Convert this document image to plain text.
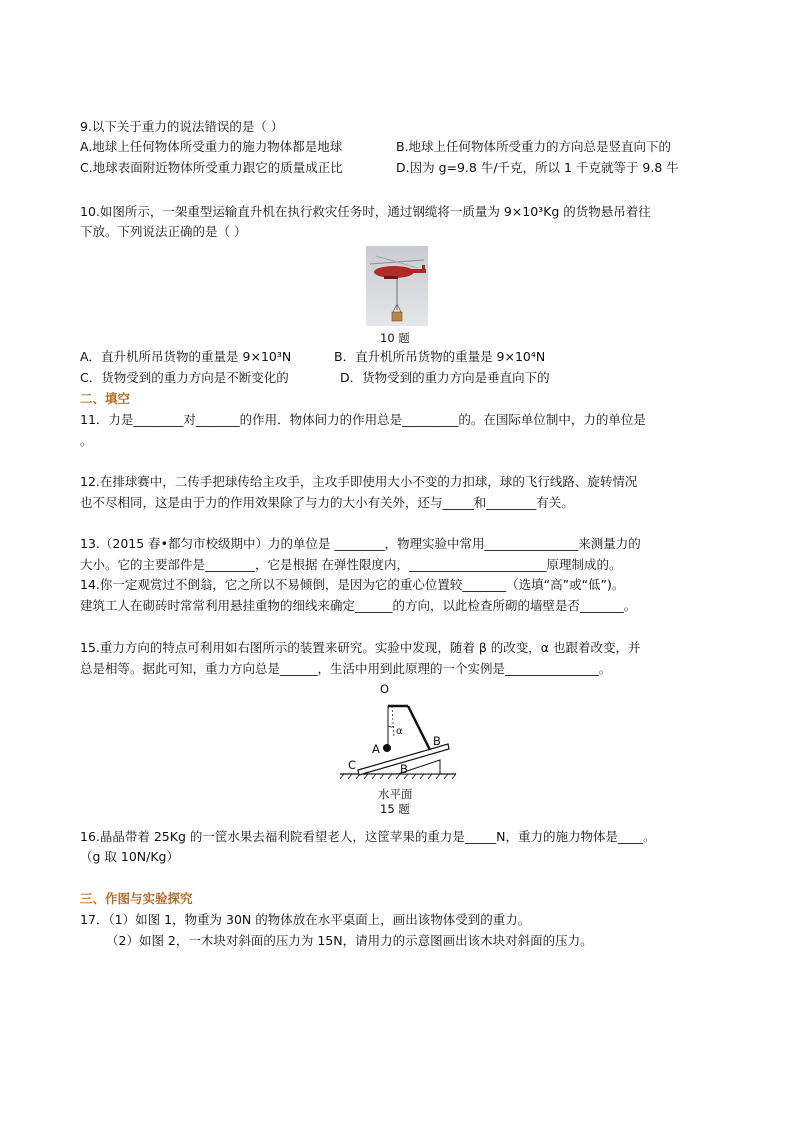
9.以下关于重力的说法错误的是（ ）
A.地球上任何物体所受重力的施力物体都是地球	B.地球上任何物体所受重力的方向总是竖直向下的
C.地球表面附近物体所受重力跟它的质量成正比	D.因为 g=9.8 牛/千克，所以 1 千克就等于 9.8 牛
10.如图所示，一架重型运输直升机在执行救灾任务时，通过钢缆将一质量为 9×10³Kg 的货物悬吊着往
下放。下列说法正确的是（ ）
10 题
A．直升机所吊货物的重量是 9×10³N	B．直升机所吊货物的重量是 9×10⁴N
C．货物受到的重力方向是不断变化的	D．货物受到的重力方向是垂直向下的
二、填空
11．力是________对_______的作用．物体间力的作用总是_________的。在国际单位制中，力的单位是
。
12.在排球赛中，二传手把球传给主攻手，主攻手即使用大小不变的力扣球，球的飞行线路、旋转情况
也不尽相同，这是由于力的作用效果除了与力的大小有关外，还与_____和________有关。
13.（2015 春•都匀市校级期中）力的单位是 ________，物理实验中常用_______________来测量力的
大小。它的主要部件是________，它是根据 在弹性限度内，______________________原理制成的。
14.你一定观赏过不倒翁，它之所以不易倾倒，是因为它的重心位置较_______（选填“高”或“低”)。
建筑工人在砌砖时常常利用悬挂重物的细线来确定______的方向，以此检查所砌的墙壁是否_______。
15.重力方向的特点可利用如右图所示的装置来研究。实验中发现，随着 β 的改变，α 也跟着改变，并
总是相等。据此可知，重力方向总是______，生活中用到此原理的一个实例是_______________。
O
α
A
B
C	B
水平面
15 题
16.晶晶带着 25Kg 的一筐水果去福利院看望老人，这筐苹果的重力是_____N，重力的施力物体是____。
（g 取 10N/Kg）
三、作图与实验探究
17．（1）如图 1，物重为 30N 的物体放在水平桌面上，画出该物体受到的重力。
（2）如图 2，一木块对斜面的压力为 15N，请用力的示意图画出该木块对斜面的压力。
